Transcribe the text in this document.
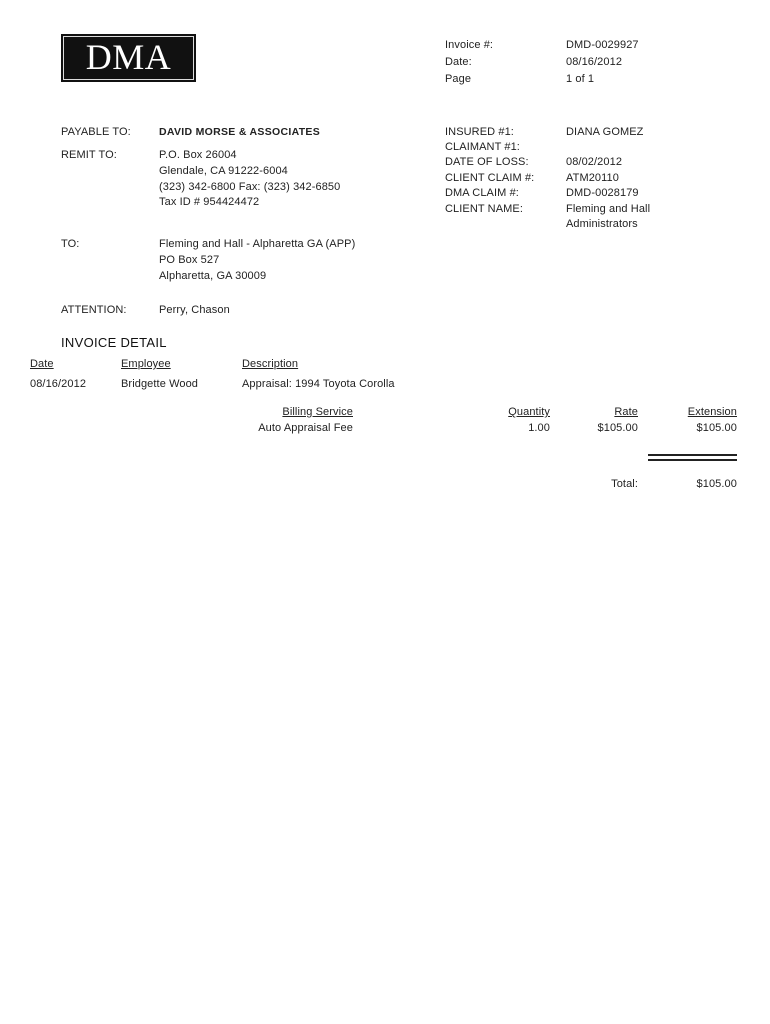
DMA	Invoice #:	DMD-0029927
Date:	08/16/2012
Page	1 of 1
PAYABLE TO:	DAVID MORSE & ASSOCIATES
REMIT TO:	P.O. Box 26004
Glendale, CA 91222-6004
(323) 342-6800 Fax: (323) 342-6850
Tax ID # 954424472
INSURED #1:	DIANA GOMEZ
CLAIMANT #1:
DATE OF LOSS:	08/02/2012
CLIENT CLAIM #:	ATM20110
DMA CLAIM #:	DMD-0028179
CLIENT NAME:	Fleming and Hall
Administrators
TO:	Fleming and Hall - Alpharetta GA (APP)
PO Box 527
Alpharetta, GA 30009
ATTENTION:	Perry, Chason
INVOICE DETAIL
Date	Employee	Description
08/16/2012	Bridgette Wood	Appraisal: 1994 Toyota Corolla
Billing Service	Quantity	Rate	Extension
Auto Appraisal Fee	1.00	$105.00	$105.00
Total:	$105.00
